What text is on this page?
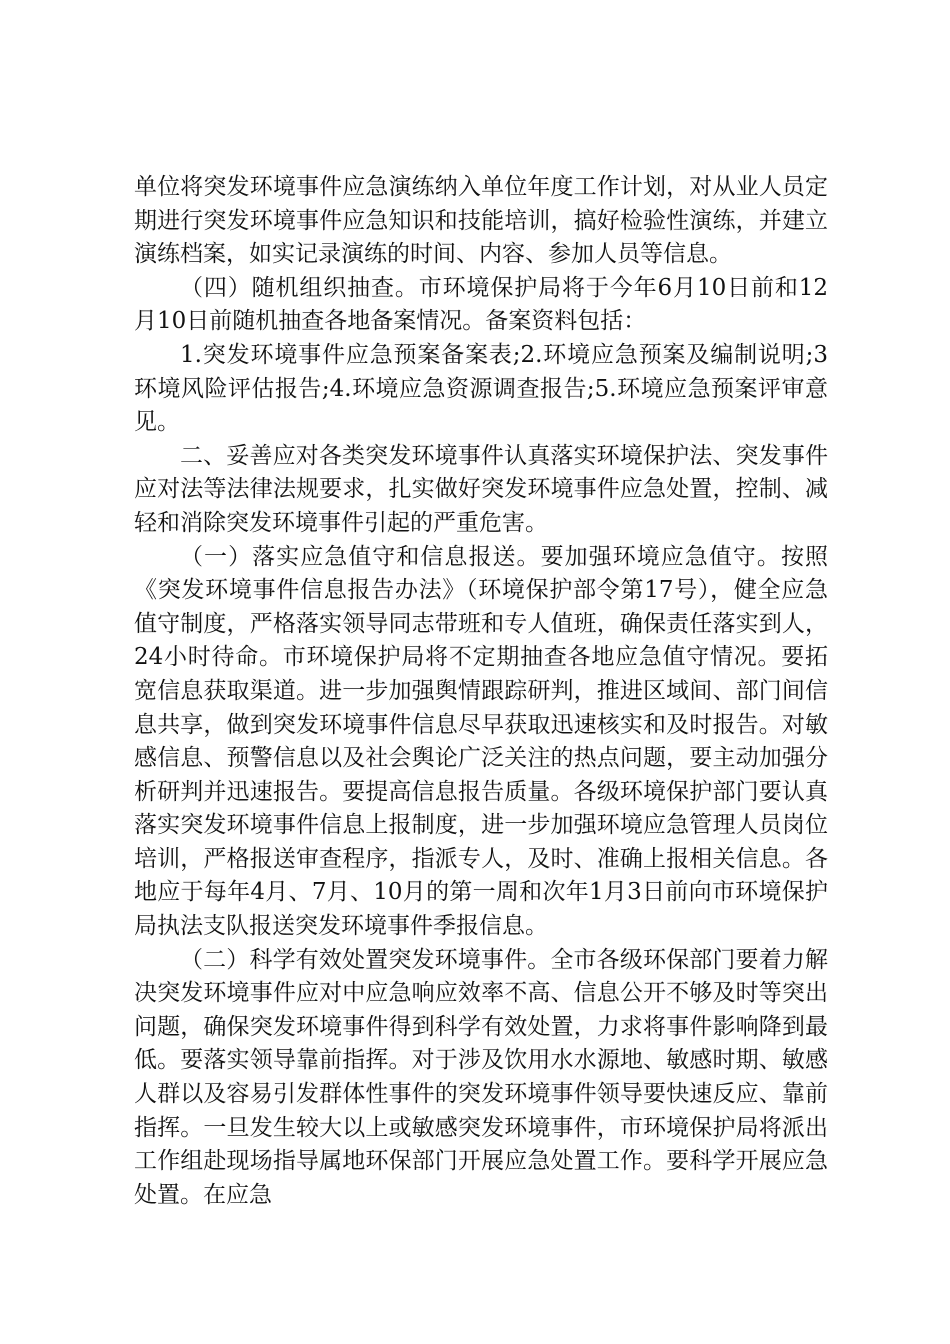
单位将突发环境事件应急演练纳入单位年度工作计划，对从业人员定期进行突发环境事件应急知识和技能培训，搞好检验性演练，并建立演练档案，如实记录演练的时间、内容、参加人员等信息。

（四）随机组织抽查。市环境保护局将于今年6月10日前和12月10日前随机抽查各地备案情况。备案资料包括：

1.突发环境事件应急预案备案表;2.环境应急预案及编制说明;3环境风险评估报告;4.环境应急资源调查报告;5.环境应急预案评审意见。

二、妥善应对各类突发环境事件认真落实环境保护法、突发事件应对法等法律法规要求，扎实做好突发环境事件应急处置，控制、减轻和消除突发环境事件引起的严重危害。

（一）落实应急值守和信息报送。要加强环境应急值守。按照《突发环境事件信息报告办法》（环境保护部令第17号），健全应急值守制度，严格落实领导同志带班和专人值班，确保责任落实到人，24小时待命。市环境保护局将不定期抽查各地应急值守情况。要拓宽信息获取渠道。进一步加强舆情跟踪研判，推进区域间、部门间信息共享，做到突发环境事件信息尽早获取迅速核实和及时报告。对敏感信息、预警信息以及社会舆论广泛关注的热点问题，要主动加强分析研判并迅速报告。要提高信息报告质量。各级环境保护部门要认真落实突发环境事件信息上报制度，进一步加强环境应急管理人员岗位培训，严格报送审查程序，指派专人，及时、准确上报相关信息。各地应于每年4月、7月、10月的第一周和次年1月3日前向市环境保护局执法支队报送突发环境事件季报信息。

（二）科学有效处置突发环境事件。全市各级环保部门要着力解决突发环境事件应对中应急响应效率不高、信息公开不够及时等突出问题，确保突发环境事件得到科学有效处置，力求将事件影响降到最低。要落实领导靠前指挥。对于涉及饮用水水源地、敏感时期、敏感人群以及容易引发群体性事件的突发环境事件领导要快速反应、靠前指挥。一旦发生较大以上或敏感突发环境事件，市环境保护局将派出工作组赴现场指导属地环保部门开展应急处置工作。要科学开展应急处置。在应急
